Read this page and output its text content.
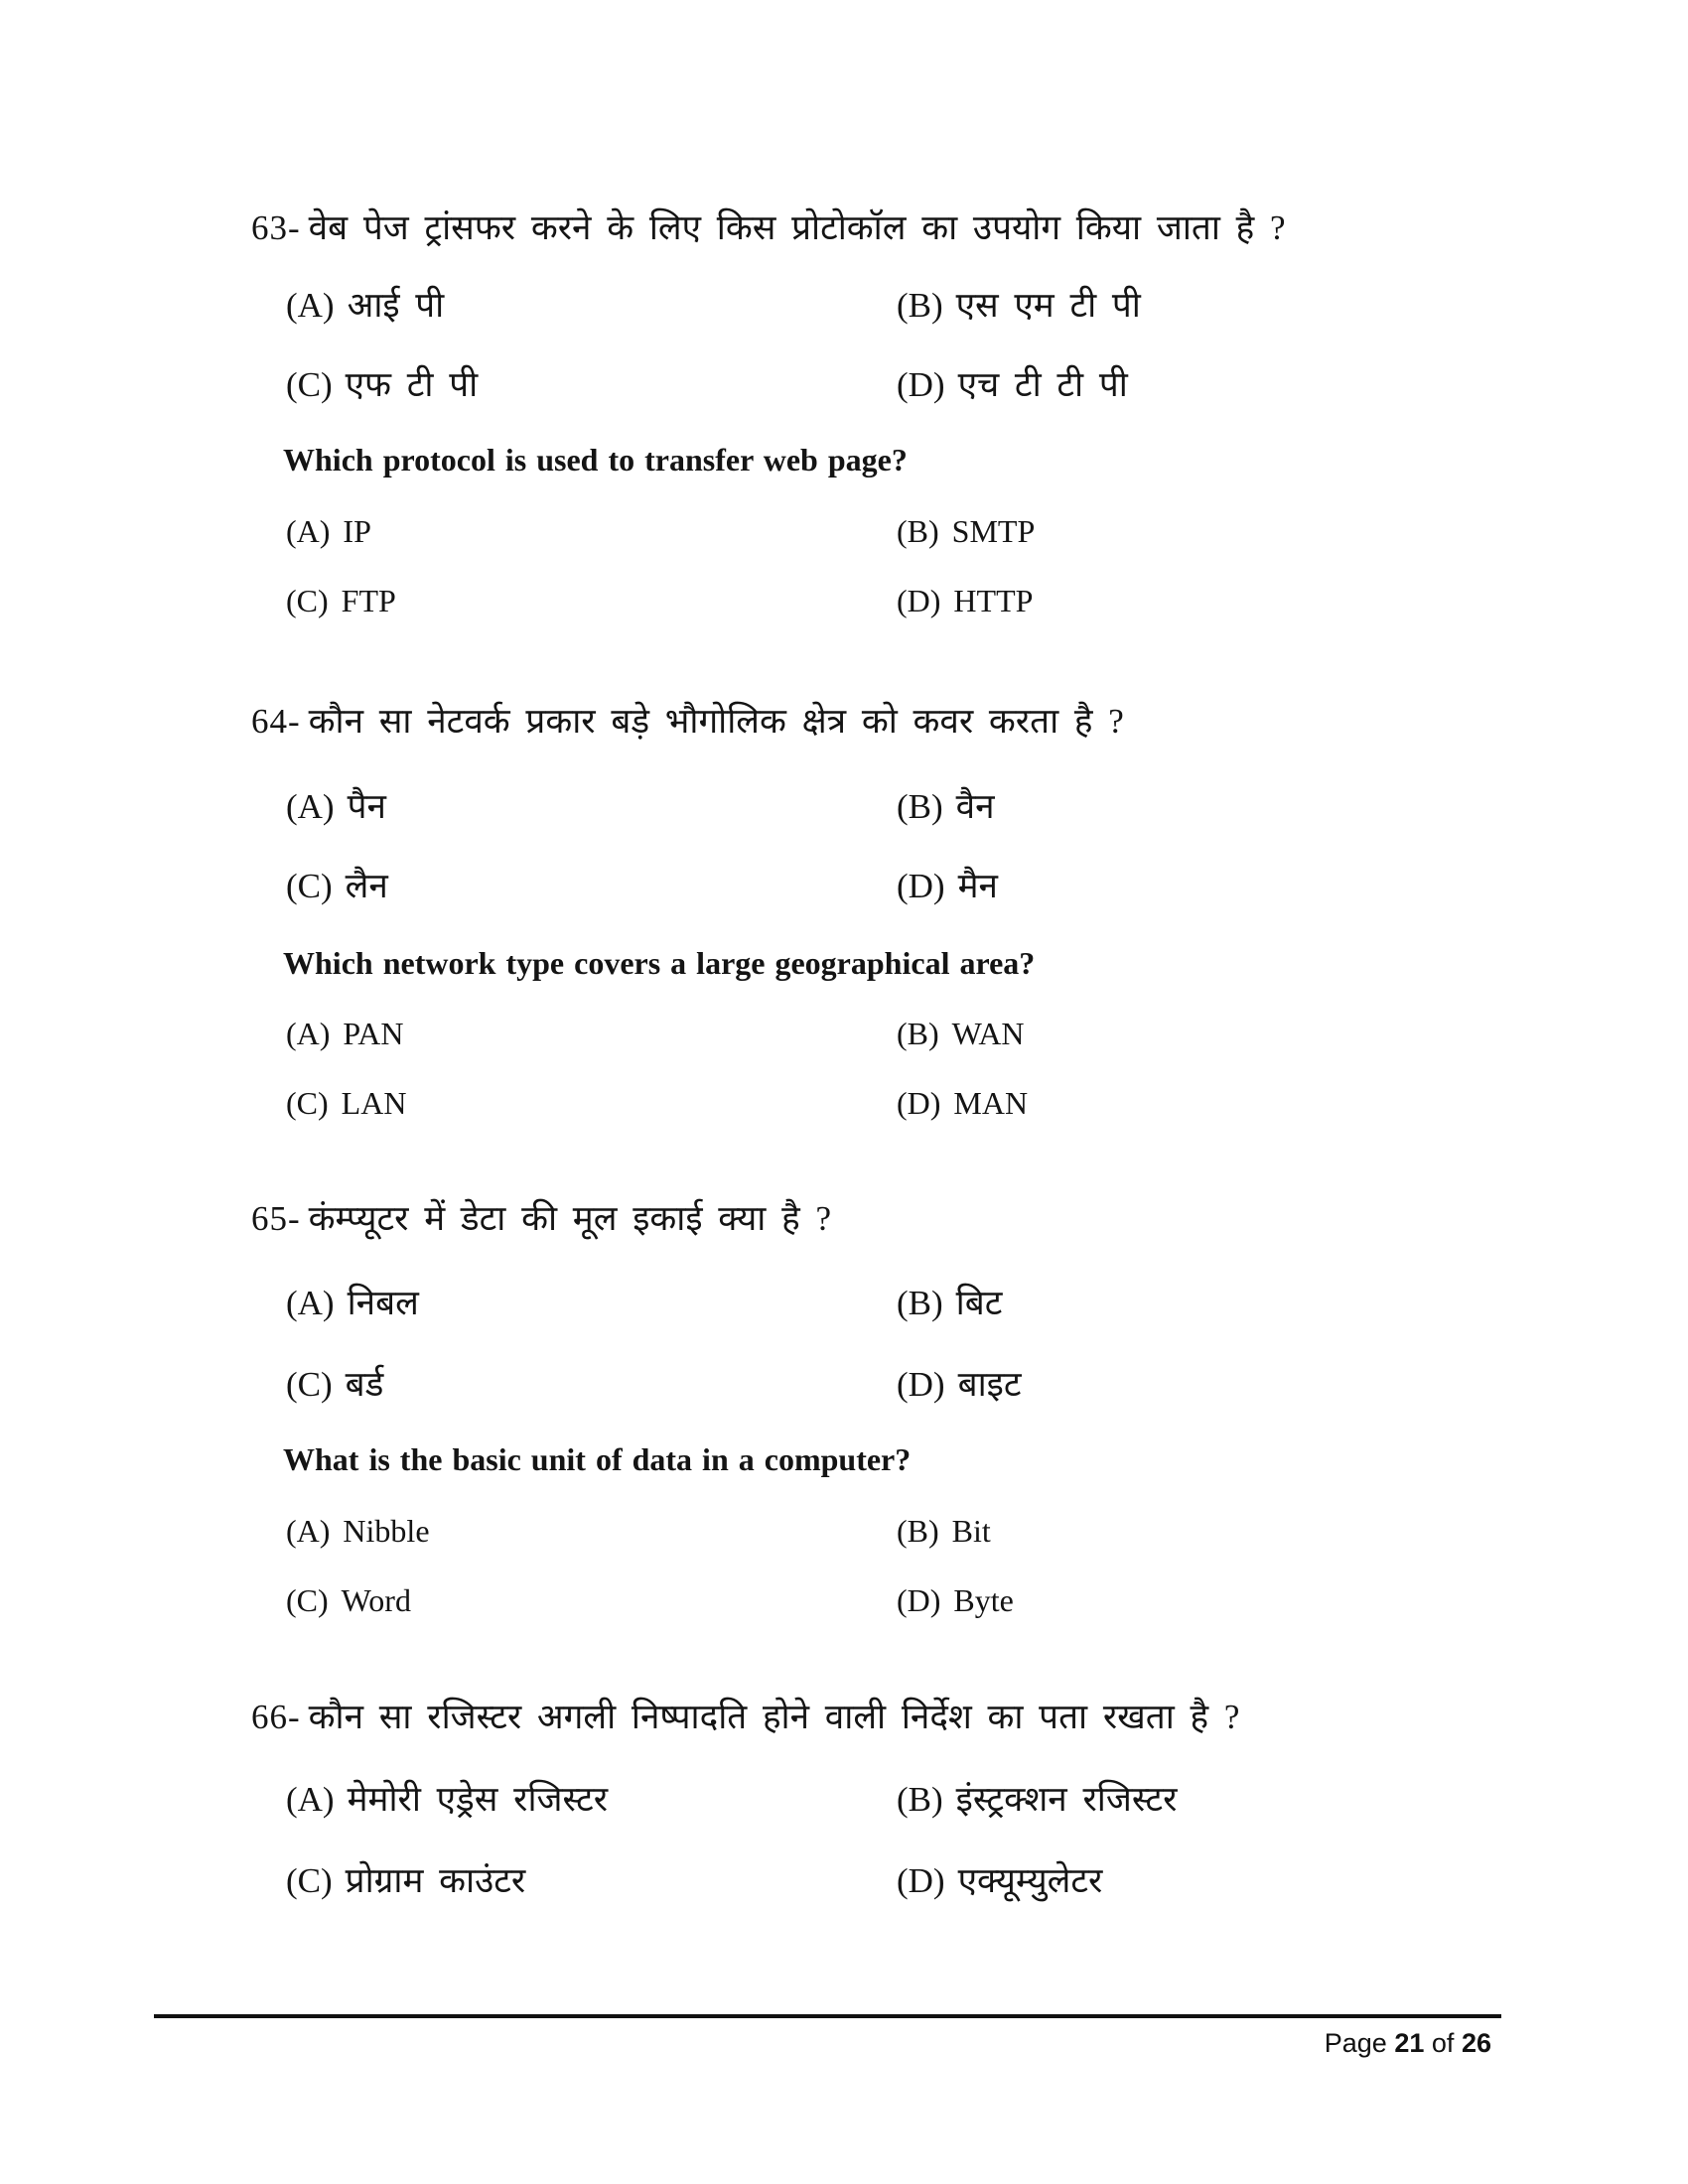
63- वेब पेज ट्रांसफर करने के लिए किस प्रोटोकॉल का उपयोग किया जाता है ?
(A) आई पी	(B) एस एम टी पी
(C) एफ टी पी	(D) एच टी टी पी
Which protocol is used to transfer web page?
(A) IP	(B) SMTP
(C) FTP	(D) HTTP
64- कौन सा नेटवर्क प्रकार बड़े भौगोलिक क्षेत्र को कवर करता है ?
(A) पैन	(B) वैन
(C) लैन	(D) मैन
Which network type covers a large geographical area?
(A) PAN	(B) WAN
(C) LAN	(D) MAN
65- कंम्प्यूटर में डेटा की मूल इकाई क्या है ?
(A) निबल	(B) बिट
(C) बर्ड	(D) बाइट
What is the basic unit of data in a computer?
(A) Nibble	(B) Bit
(C) Word	(D) Byte
66- कौन सा रजिस्टर अगली निष्पादति होने वाली निर्देश का पता रखता है ?
(A) मेमोरी एड्रेस रजिस्टर	(B) इंस्ट्रक्शन रजिस्टर
(C) प्रोग्राम काउंटर	(D) एक्यूम्युलेटर
Page 21 of 26
